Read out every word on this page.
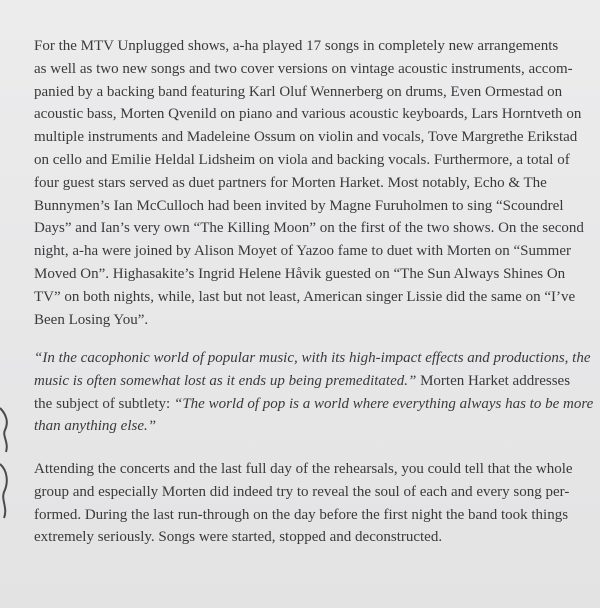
For the MTV Unplugged shows, a-ha played 17 songs in completely new arrangements
as well as two new songs and two cover versions on vintage acoustic instruments, accom-
panied by a backing band featuring Karl Oluf Wennerberg on drums, Even Ormestad on
acoustic bass, Morten Qvenild on piano and various acoustic keyboards, Lars Horntveth on
multiple instruments and Madeleine Ossum on violin and vocals, Tove Margrethe Erikstad
on cello and Emilie Heldal Lidsheim on viola and backing vocals. Furthermore, a total of
four guest stars served as duet partners for Morten Harket. Most notably, Echo & The
Bunnymen’s Ian McCulloch had been invited by Magne Furuholmen to sing “Scoundrel
Days” and Ian’s very own “The Killing Moon” on the first of the two shows. On the second
night, a-ha were joined by Alison Moyet of Yazoo fame to duet with Morten on “Summer
Moved On”. Highasakite’s Ingrid Helene Håvik guested on “The Sun Always Shines On
TV” on both nights, while, last but not least, American singer Lissie did the same on “I’ve
Been Losing You”.

“In the cacophonic world of popular music, with its high-impact effects and productions, the
music is often somewhat lost as it ends up being premeditated.” Morten Harket addresses
the subject of subtlety: “The world of pop is a world where everything always has to be more
than anything else.”

Attending the concerts and the last full day of the rehearsals, you could tell that the whole
group and especially Morten did indeed try to reveal the soul of each and every song per-
formed. During the last run-through on the day before the first night the band took things
extremely seriously. Songs were started, stopped and deconstructed.
